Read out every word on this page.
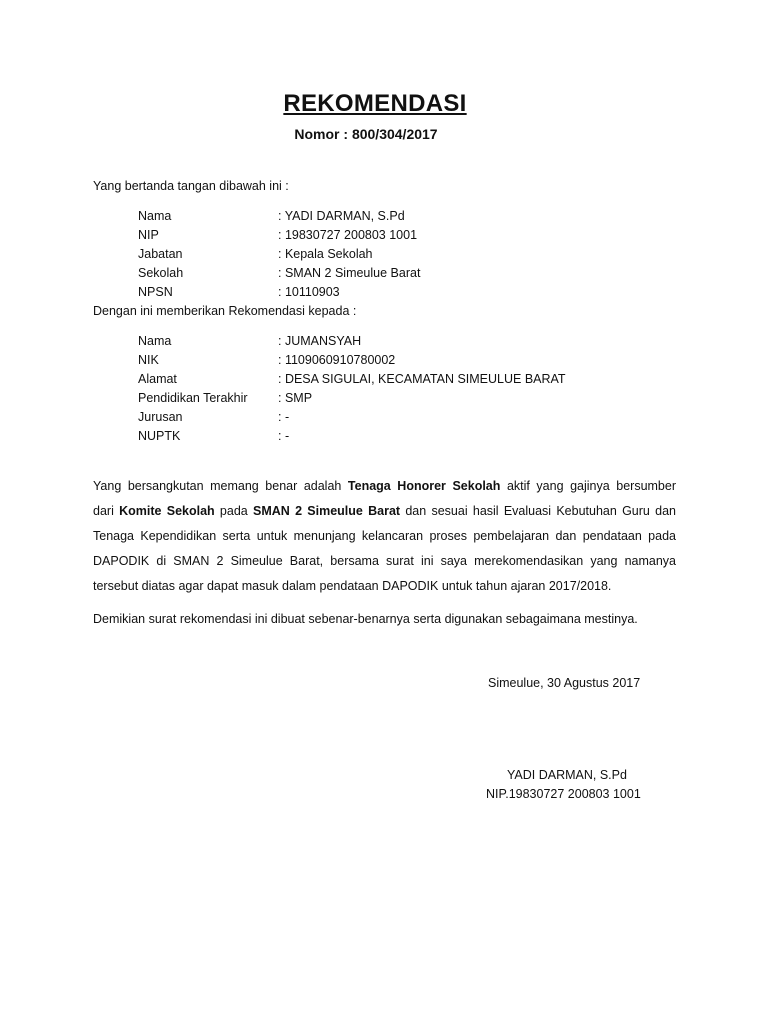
REKOMENDASI
Nomor : 800/304/2017
Yang bertanda tangan dibawah ini :
Nama	: YADI DARMAN, S.Pd
NIP	: 19830727 200803 1001
Jabatan	: Kepala Sekolah
Sekolah	: SMAN 2 Simeulue Barat
NPSN	: 10110903
Dengan ini memberikan Rekomendasi kepada :
Nama	: JUMANSYAH
NIK	: 1109060910780002
Alamat	: DESA SIGULAI, KECAMATAN SIMEULUE BARAT
Pendidikan Terakhir : SMP
Jurusan	: -
NUPTK	: -
Yang bersangkutan memang benar adalah Tenaga Honorer Sekolah aktif yang gajinya bersumber
dari Komite Sekolah pada SMAN 2 Simeulue Barat dan sesuai hasil Evaluasi Kebutuhan Guru dan
Tenaga Kependidikan serta untuk menunjang kelancaran proses pembelajaran dan pendataan pada
DAPODIK di SMAN 2 Simeulue Barat, bersama surat ini saya merekomendasikan yang namanya
tersebut diatas agar dapat masuk dalam pendataan DAPODIK untuk tahun ajaran 2017/2018.
Demikian surat rekomendasi ini dibuat sebenar-benarnya serta digunakan sebagaimana mestinya.
Simeulue, 30 Agustus 2017
YADI DARMAN, S.Pd
NIP.19830727 200803 1001
